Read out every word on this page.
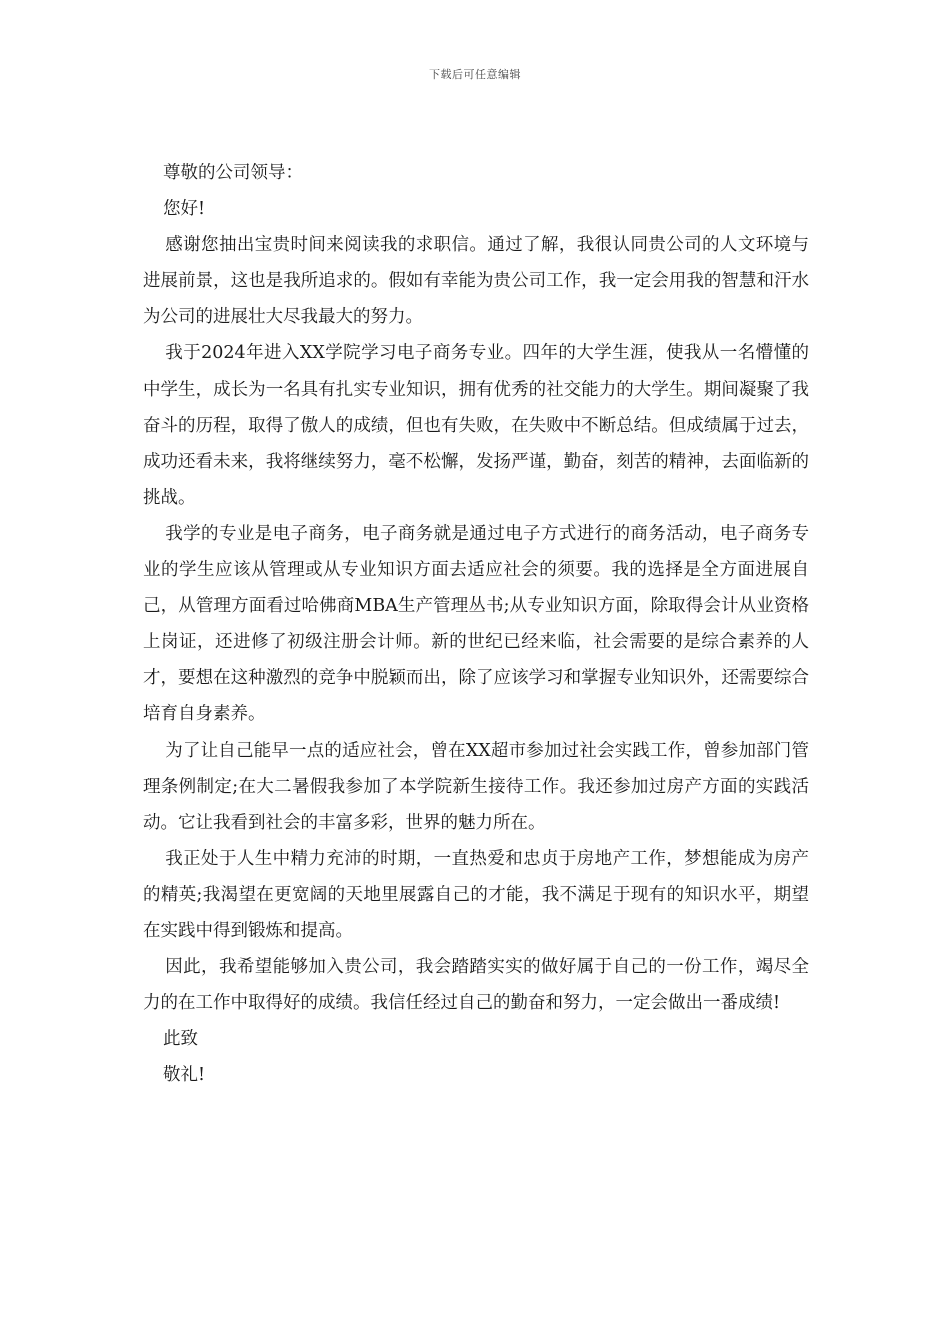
下载后可任意编辑

尊敬的公司领导：

您好!

感谢您抽出宝贵时间来阅读我的求职信。通过了解，我很认同贵公司的人文环境与进展前景，这也是我所追求的。假如有幸能为贵公司工作，我一定会用我的智慧和汗水为公司的进展壮大尽我最大的努力。

我于2024年进入XX学院学习电子商务专业。四年的大学生涯，使我从一名懵懂的中学生，成长为一名具有扎实专业知识，拥有优秀的社交能力的大学生。期间凝聚了我奋斗的历程，取得了傲人的成绩，但也有失败，在失败中不断总结。但成绩属于过去，成功还看未来，我将继续努力，毫不松懈，发扬严谨，勤奋，刻苦的精神，去面临新的挑战。

我学的专业是电子商务，电子商务就是通过电子方式进行的商务活动，电子商务专业的学生应该从管理或从专业知识方面去适应社会的须要。我的选择是全方面进展自己，从管理方面看过哈佛商MBA生产管理丛书;从专业知识方面，除取得会计从业资格上岗证，还进修了初级注册会计师。新的世纪已经来临，社会需要的是综合素养的人才，要想在这种激烈的竞争中脱颖而出，除了应该学习和掌握专业知识外，还需要综合培育自身素养。

为了让自己能早一点的适应社会，曾在XX超市参加过社会实践工作，曾参加部门管理条例制定;在大二暑假我参加了本学院新生接待工作。我还参加过房产方面的实践活动。它让我看到社会的丰富多彩，世界的魅力所在。

我正处于人生中精力充沛的时期，一直热爱和忠贞于房地产工作，梦想能成为房产的精英;我渴望在更宽阔的天地里展露自己的才能，我不满足于现有的知识水平，期望在实践中得到锻炼和提高。

因此，我希望能够加入贵公司，我会踏踏实实的做好属于自己的一份工作，竭尽全力的在工作中取得好的成绩。我信任经过自己的勤奋和努力，一定会做出一番成绩!

此致

敬礼!
